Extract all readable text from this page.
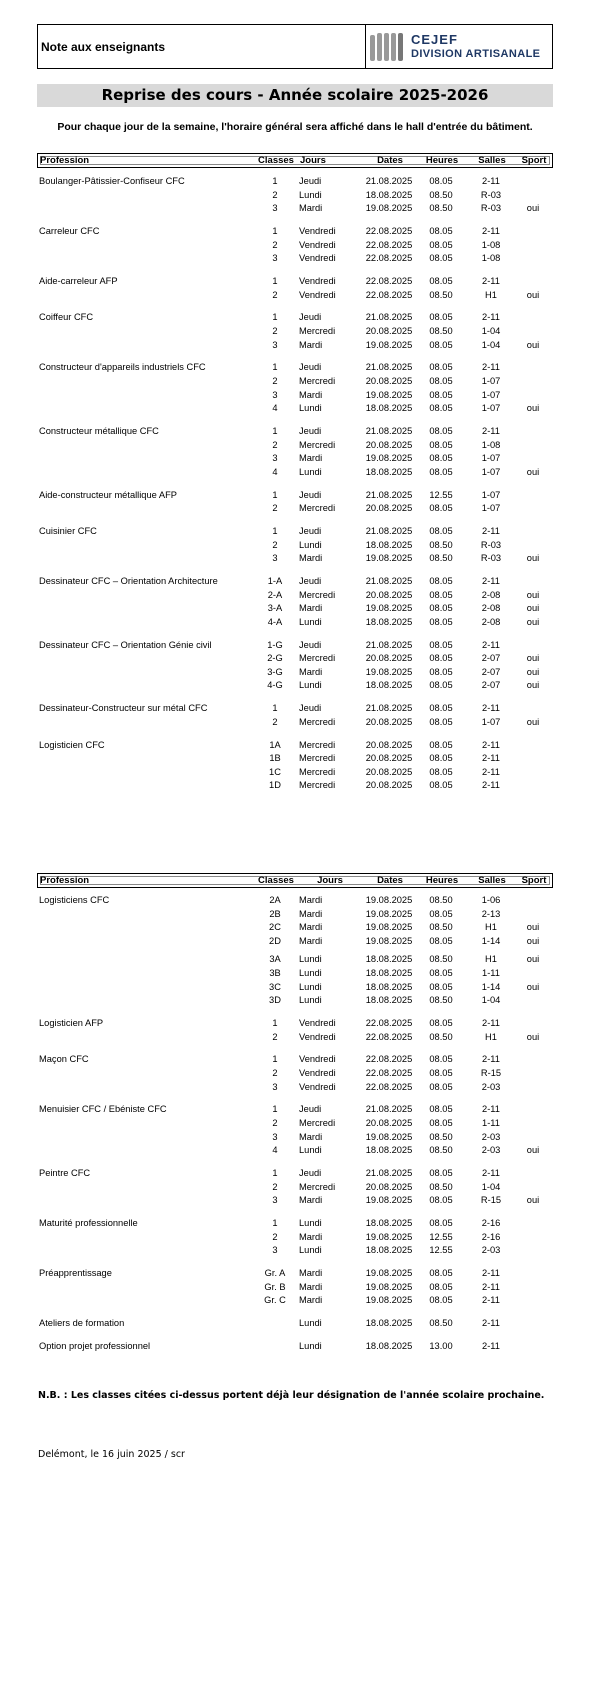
Note aux enseignants	CEJEF
DIVISION ARTISANALE
Reprise des cours - Année scolaire 2025-2026
Pour chaque jour de la semaine, l'horaire général sera affiché dans le hall d'entrée du bâtiment.
Profession	Classes Jours	Dates	Heures	Salles	Sport
Boulanger-Pâtissier-Confiseur CFC	1	Jeudi	21.08.2025	08.05	2-11
2	Lundi	18.08.2025	08.50	R-03
3	Mardi	19.08.2025	08.50	R-03	oui
Carreleur CFC	1	Vendredi	22.08.2025	08.05	2-11
2	Vendredi	22.08.2025	08.05	1-08
3	Vendredi	22.08.2025	08.05	1-08
Aide-carreleur AFP	1	Vendredi	22.08.2025	08.05	2-11
2	Vendredi	22.08.2025	08.50	H1	oui
Coiffeur CFC	1	Jeudi	21.08.2025	08.05	2-11
2	Mercredi	20.08.2025	08.50	1-04
3	Mardi	19.08.2025	08.05	1-04	oui
Constructeur d'appareils industriels CFC	1	Jeudi	21.08.2025	08.05	2-11
2	Mercredi	20.08.2025	08.05	1-07
3	Mardi	19.08.2025	08.05	1-07
4	Lundi	18.08.2025	08.05	1-07	oui
Constructeur métallique CFC	1	Jeudi	21.08.2025	08.05	2-11
2	Mercredi	20.08.2025	08.05	1-08
3	Mardi	19.08.2025	08.05	1-07
4	Lundi	18.08.2025	08.05	1-07	oui
Aide-constructeur métallique AFP	1	Jeudi	21.08.2025	12.55	1-07
2	Mercredi	20.08.2025	08.05	1-07
Cuisinier CFC	1	Jeudi	21.08.2025	08.05	2-11
2	Lundi	18.08.2025	08.50	R-03
3	Mardi	19.08.2025	08.50	R-03	oui
Dessinateur CFC – Orientation Architecture	1-A	Jeudi	21.08.2025	08.05	2-11
2-A	Mercredi	20.08.2025	08.05	2-08	oui
3-A	Mardi	19.08.2025	08.05	2-08	oui
4-A	Lundi	18.08.2025	08.05	2-08	oui
Dessinateur CFC – Orientation Génie civil	1-G	Jeudi	21.08.2025	08.05	2-11
2-G	Mercredi	20.08.2025	08.05	2-07	oui
3-G	Mardi	19.08.2025	08.05	2-07	oui
4-G	Lundi	18.08.2025	08.05	2-07	oui
Dessinateur-Constructeur sur métal CFC	1	Jeudi	21.08.2025	08.05	2-11
2	Mercredi	20.08.2025	08.05	1-07	oui
Logisticien CFC	1A	Mercredi	20.08.2025	08.05	2-11
1B	Mercredi	20.08.2025	08.05	2-11
1C	Mercredi	20.08.2025	08.05	2-11
1D	Mercredi	20.08.2025	08.05	2-11
Profession	Classes	Jours	Dates	Heures	Salles	Sport
Logisticiens CFC	2A	Mardi	19.08.2025	08.50	1-06
2B	Mardi	19.08.2025	08.05	2-13
2C	Mardi	19.08.2025	08.50	H1	oui
2D	Mardi	19.08.2025	08.05	1-14	oui
3A	Lundi	18.08.2025	08.50	H1	oui
3B	Lundi	18.08.2025	08.05	1-11
3C	Lundi	18.08.2025	08.05	1-14	oui
3D	Lundi	18.08.2025	08.50	1-04
Logisticien AFP	1	Vendredi	22.08.2025	08.05	2-11
2	Vendredi	22.08.2025	08.50	H1	oui
Maçon CFC	1	Vendredi	22.08.2025	08.05	2-11
2	Vendredi	22.08.2025	08.05	R-15
3	Vendredi	22.08.2025	08.05	2-03
Menuisier CFC / Ebéniste CFC	1	Jeudi	21.08.2025	08.05	2-11
2	Mercredi	20.08.2025	08.05	1-11
3	Mardi	19.08.2025	08.50	2-03
4	Lundi	18.08.2025	08.50	2-03	oui
Peintre CFC	1	Jeudi	21.08.2025	08.05	2-11
2	Mercredi	20.08.2025	08.50	1-04
3	Mardi	19.08.2025	08.05	R-15	oui
Maturité professionnelle	1	Lundi	18.08.2025	08.05	2-16
2	Mardi	19.08.2025	12.55	2-16
3	Lundi	18.08.2025	12.55	2-03
Préapprentissage	Gr. A	Mardi	19.08.2025	08.05	2-11
Gr. B	Mardi	19.08.2025	08.05	2-11
Gr. C	Mardi	19.08.2025	08.05	2-11
Ateliers de formation	Lundi	18.08.2025	08.50	2-11
Option projet professionnel	Lundi	18.08.2025	13.00	2-11
N.B. : Les classes citées ci-dessus portent déjà leur désignation de l'année scolaire prochaine.
Delémont, le 16 juin 2025 / scr
